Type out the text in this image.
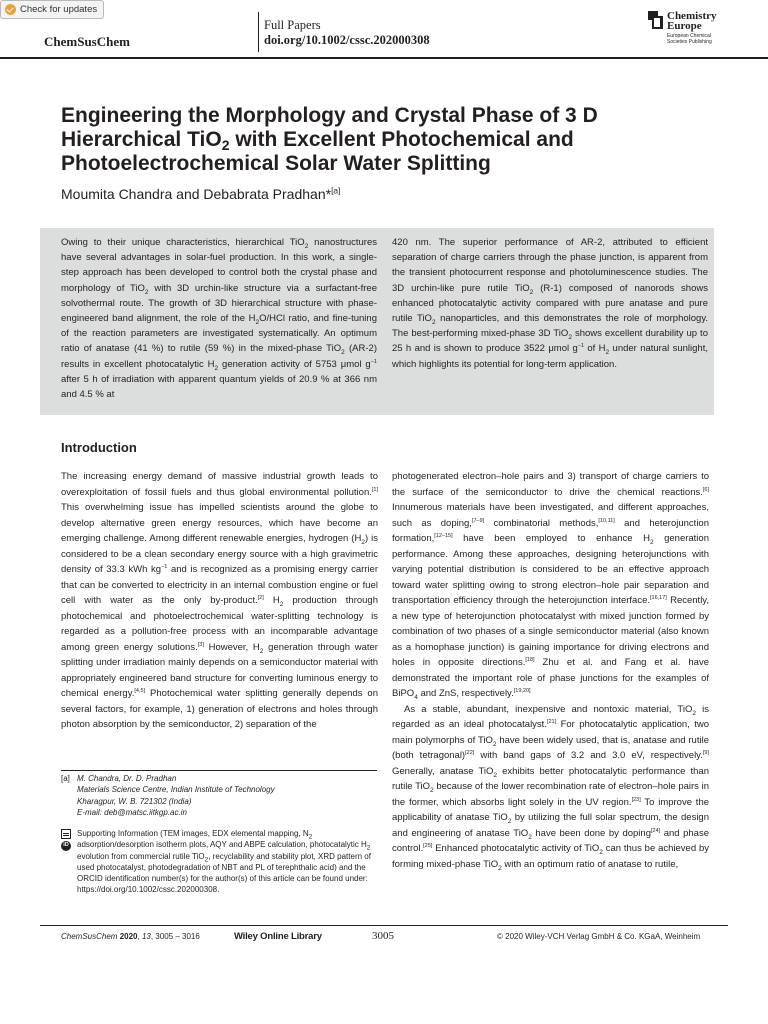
Check for updates
ChemSusChem
Full Papers
doi.org/10.1002/cssc.202000308
Chemistry
Europe
European Chemical
Societies Publishing
Engineering the Morphology and Crystal Phase of 3 D Hierarchical TiO$_2$ with Excellent Photochemical and Photoelectrochemical Solar Water Splitting
Moumita Chandra and Debabrata Pradhan*[a]
Owing to their unique characteristics, hierarchical TiO$_2$ nanostructures have several advantages in solar-fuel production. In this work, a single-step approach has been developed to control both the crystal phase and morphology of TiO$_2$ with 3D urchin-like structure via a surfactant-free solvothermal route. The growth of 3D hierarchical structure with phase-engineered band alignment, the role of the $H_2O$/HCl ratio, and fine-tuning of the reaction parameters are investigated systematically. An optimum ratio of anatase (41 %) to rutile (59 %) in the mixed-phase TiO$_2$ (AR-2) results in excellent photocatalytic $H_2$ generation activity of 5753 μmol $g^{-1}$ after 5 h of irradiation with apparent quantum yields of 20.9 % at 366 nm and 4.5 % at
420 nm. The superior performance of AR-2, attributed to efficient separation of charge carriers through the phase junction, is apparent from the transient photocurrent response and photoluminescence studies. The 3D urchin-like pure rutile TiO$_2$ (R-1) composed of nanorods shows enhanced photocatalytic activity compared with pure anatase and pure rutile TiO$_2$ nanoparticles, and this demonstrates the role of morphology. The best-performing mixed-phase 3D TiO$_2$ shows excellent durability up to 25 h and is shown to produce 3522 μmol $g^{-1}$ of $H_2$ under natural sunlight, which highlights its potential for long-term application.
Introduction

The increasing energy demand of massive industrial growth leads to overexploitation of fossil fuels and thus global environmental pollution.[1] This overwhelming issue has impelled scientists around the globe to develop alternative green energy resources, which have become an emerging challenge. Among different renewable energies, hydrogen $(H_2)$ is considered to be a clean secondary energy source with a high gravimetric density of 33.3 kWh $kg^{-1}$ and is recognized as a promising energy carrier that can be converted to electricity in an internal combustion engine or fuel cell with water as the only by-product.[2] $H_2$ production through photochemical and photoelectrochemical water-splitting technology is regarded as a pollution-free process with an incomparable advantage among green energy solutions.[3] However, $H_2$ generation through water splitting under irradiation mainly depends on a semiconductor material with appropriately engineered band structure for converting luminous energy to chemical energy.[4,5] Photochemical water splitting generally depends on several factors, for example, 1) generation of electrons and holes through photon absorption by the semiconductor, 2) separation of the

photogenerated electron–hole pairs and 3) transport of charge carriers to the surface of the semiconductor to drive the chemical reactions.[6] Innumerous materials have been investigated, and different approaches, such as doping,[7–9] combinatorial methods,[10,11] and heterojunction formation,[12–15] have been employed to enhance $H_2$ generation performance. Among these approaches, designing heterojunctions with varying potential distribution is considered to be an effective approach toward water splitting owing to strong electron–hole pair separation and transportation efficiency through the heterojunction interface.[16,17] Recently, a new type of heterojunction photocatalyst with mixed junction formed by combination of two phases of a single semiconductor material (also known as a homophase junction) is gaining importance for driving electrons and holes in opposite directions.[18] Zhu et al. and Fang et al. have demonstrated the important role of phase junctions for the examples of BiPO$_4$ and ZnS, respectively.[19,20]

As a stable, abundant, inexpensive and nontoxic material, TiO$_2$ is regarded as an ideal photocatalyst.[21] For photocatalytic application, two main polymorphs of TiO$_2$ have been widely used, that is, anatase and rutile (both tetragonal)[22] with band gaps of 3.2 and 3.0 eV, respectively.[9] Generally, anatase TiO$_2$ exhibits better photocatalytic performance than rutile TiO$_2$ because of the lower recombination rate of electron–hole pairs in the former, which absorbs light solely in the UV region.[23] To improve the applicability of anatase TiO$_2$ by utilizing the full solar spectrum, the design and engineering of anatase TiO$_2$ have been done by doping[24] and phase control.[25] Enhanced photocatalytic activity of TiO$_2$ can thus be achieved by forming mixed-phase TiO$_2$ with an optimum ratio of anatase to rutile,

[a] M. Chandra, Dr. D. Pradhan
Materials Science Centre, Indian Institute of Technology
Kharagpur, W. B. 721302 (India)
E-mail: deb@matsc.iitkgp.ac.in
iD
Supporting Information (TEM images, EDX elemental mapping, $N_2$ adsorption/desorption isotherm plots, AQY and ABPE calculation, photocatalytic $H_2$ evolution from commercial rutile TiO$_2$, recyclability and stability plot, XRD pattern of used photocatalyst, photodegradation of NBT and PL of terephthalic acid) and the ORCID identification number(s) for the author(s) of this article can be found under: https://doi.org/10.1002/cssc.202000308.
ChemSusChem 2020, 13, 3005 – 3016	Wiley Online Library	3005	© 2020 Wiley-VCH Verlag GmbH & Co. KGaA, Weinheim
